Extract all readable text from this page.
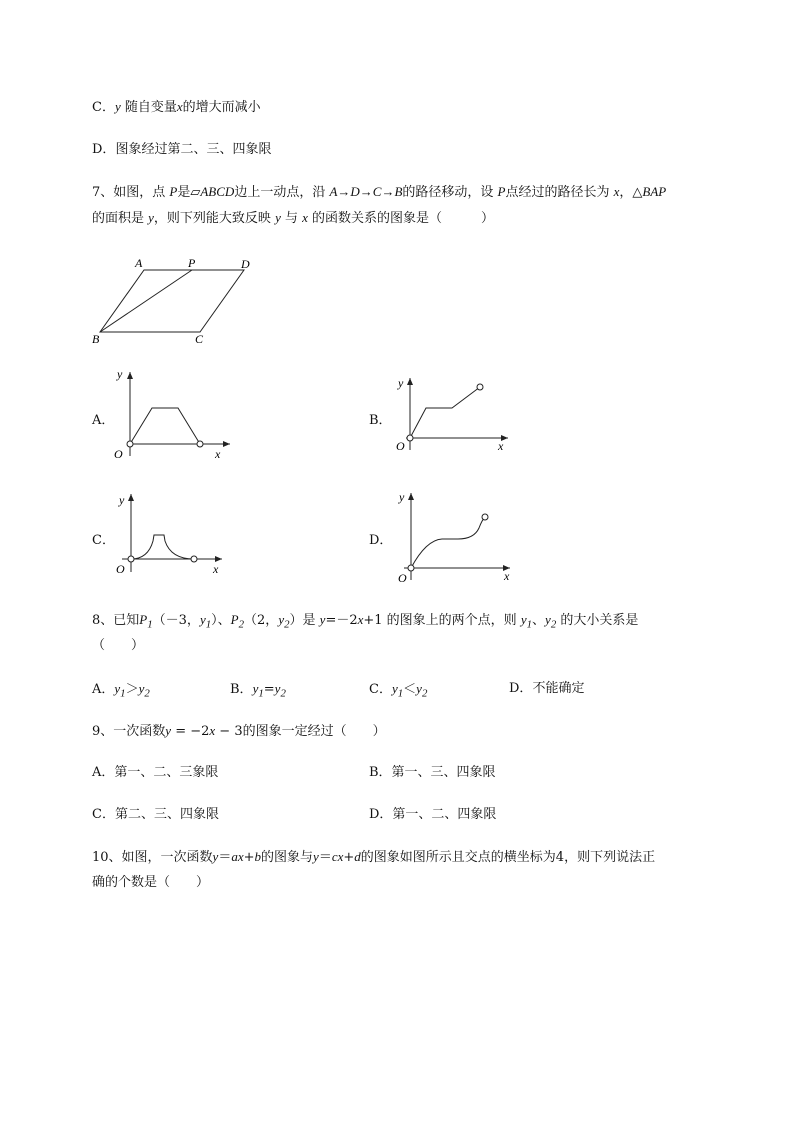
C．y 随自变量x的增大而减小
D．图象经过第二、三、四象限
7、如图，点 P是▱ABCD边上一动点，沿 A→D→C→B的路径移动，设 P点经过的路径长为 x，△BAP
的面积是 y，则下列能大致反映 y 与 x 的函数关系的图象是（　　　）
A	P	D
B	C
A．
y
x
O
B．
y
x
O
C．
y
x
O
D．
y
x
O
8、已知$P_1(-3$，$y_1$）、$P_2(2$，$y_2$）是 y=－2x+1 的图象上的两个点，则 $y_1$、$y_2$ 的大小关系是
（　　）
A．$y_1>y_2$	B．$y_1=y_2$	C．$y_1<y_2$	D．不能确定
9、一次函数y = −2x − 3的图象一定经过（　　）
A．第一、二、三象限	B．第一、三、四象限
C．第二、三、四象限	D．第一、二、四象限
10、如图，一次函数y＝ax+b的图象与y＝cx+d的图象如图所示且交点的横坐标为4，则下列说法正
确的个数是（　　）
